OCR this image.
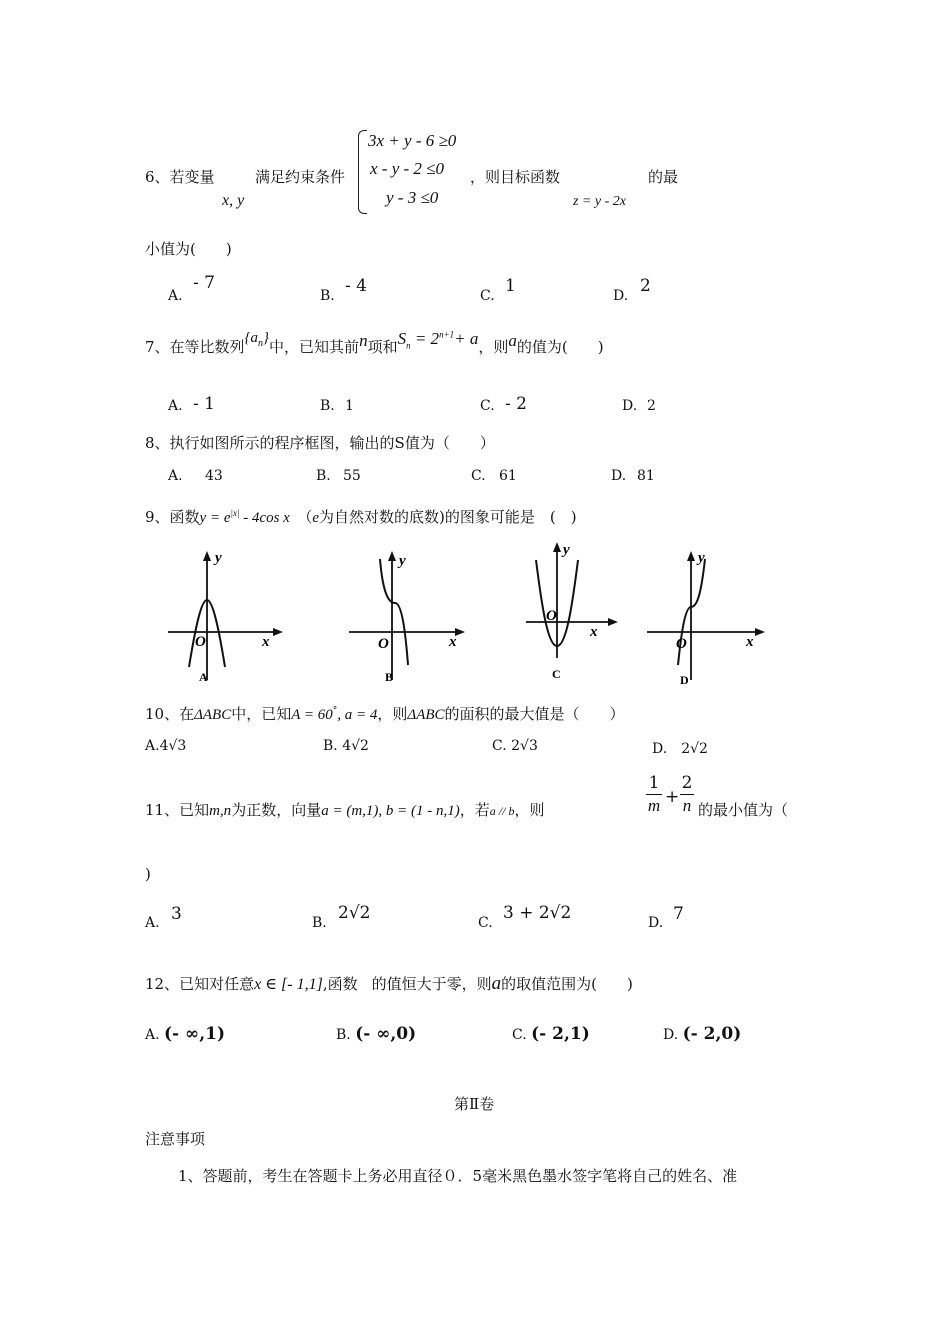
6、若变量
x, y
满足约束条件
3x + y - 6 ≥0
x - y - 2 ≤0
y - 3 ≤0
，则目标函数
z = y - 2x
的最
小值为(　　)
A.
- 7
B. - 4	C. 1	D. 2
7、在等比数列$\{a_n\}$中，已知其前n项和$S_n = 2^{n+1}+ a$，则a的值为(　　)
A. - 1	B. 1	C. - 2	D. 2
8、执行如图所示的程序框图，输出的S值为（　　）
A. 43	B. 55	C. 61	D. 81
9、函数$y = e^{|x|} - 4\cos$ x　 （e为自然对数的底数)的图象可能是　(　)
y
x
O
A
y
x
O
B
y
x
O
C
y
x
O
D
10、在ΔABC中，已知A = 60°, a = 4，则ΔABC的面积的最大值是（　　）
A.4√3	B. 4√2	C. 2√3	D.　 2√2
11、已知m,n为正数，向量a = (m,1), b = (1 - n,1)，若a // b，则
1
m +
2
n 的最小值为（
)
A. 3	B. 2√2	C. 3 + 2√2	D. 7
12、已知对任意x ∈ [- 1,1],函数 的值恒大于零，则a的取值范围为(　　)
A. (- ∞,1)	B. (- ∞,0)	C. (- 2,1)	D. (- 2,0)
第Ⅱ卷
注意事项
1、答题前，考生在答题卡上务必用直径０．5毫米黑色墨水签字笔将自己的姓名、准
